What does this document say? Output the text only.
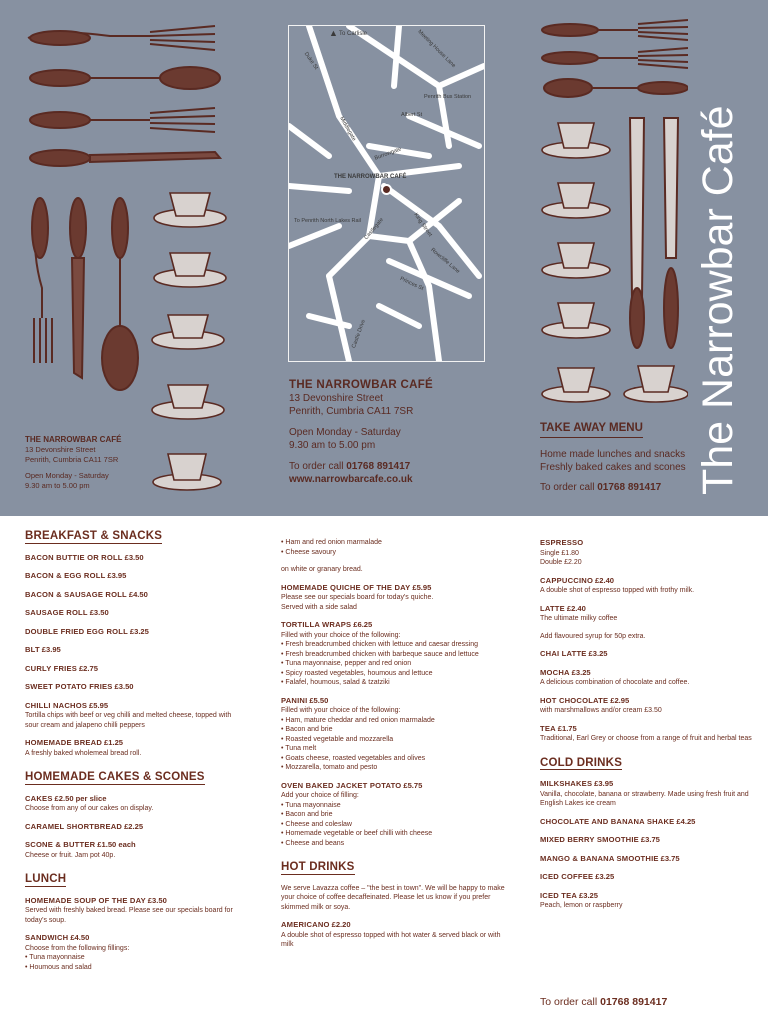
THE NARROWBAR CAFÉ
13 Devonshire Street
Penrith, Cumbria CA11 7SR
Open Monday - Saturday
9.30 am to 5.00 pm
To Carlisle
▲
Duke St	Meeting House Lane
Penrith Bus Station
Albert St
Middlegate
Burrowgate
THE NARROWBAR CAFÉ
To Penrith North Lakes Rail Castlegate	King Street
Rowcliffe Lane
Princes St
Castle Drive
THE NARROWBAR CAFÉ
13 Devonshire Street
Penrith, Cumbria CA11 7SR
Open Monday - Saturday
9.30 am to 5.00 pm
To order call 01768 891417
www.narrowbarcafe.co.uk
TAKE AWAY MENU
Home made lunches and snacks
Freshly baked cakes and scones
To order call 01768 891417 The Narrowbar Café
BREAKFAST & SNACKS
BACON BUTTIE OR ROLL £3.50
BACON & EGG ROLL £3.95
BACON & SAUSAGE ROLL £4.50
SAUSAGE ROLL £3.50
DOUBLE FRIED EGG ROLL £3.25
BLT £3.95
CURLY FRIES £2.75
SWEET POTATO FRIES £3.50
CHILLI NACHOS £5.95
Tortilla chips with beef or veg chilli and melted cheese, topped with sour cream and jalapeno chilli peppers
HOMEMADE BREAD £1.25
A freshly baked wholemeal bread roll.
HOMEMADE CAKES & SCONES
CAKES £2.50 per slice
Choose from any of our cakes on display.
CARAMEL SHORTBREAD £2.25
SCONE & BUTTER £1.50 each
Cheese or fruit. Jam pot 40p.
LUNCH
HOMEMADE SOUP OF THE DAY £3.50
Served with freshly baked bread. Please see our specials board for today's soup.
SANDWICH £4.50
Choose from the following fillings:
• Tuna mayonnaise
• Houmous and salad
• Ham and red onion marmalade
• Cheese savoury
on white or granary bread.
HOMEMADE QUICHE OF THE DAY £5.95
Please see our specials board for today's quiche.
Served with a side salad
TORTILLA WRAPS £6.25
Filled with your choice of the following:
• Fresh breadcrumbed chicken with lettuce and caesar dressing
• Fresh breadcrumbed chicken with barbeque sauce and lettuce
• Tuna mayonnaise, pepper and red onion
• Spicy roasted vegetables, houmous and lettuce
• Falafel, houmous, salad & tzatziki
PANINI £5.50
Filled with your choice of the following:
• Ham, mature cheddar and red onion marmalade
• Bacon and brie
• Roasted vegetable and mozzarella
• Tuna melt
• Goats cheese, roasted vegetables and olives
• Mozzarella, tomato and pesto
OVEN BAKED JACKET POTATO £5.75
Add your choice of filling:
• Tuna mayonnaise
• Bacon and brie
• Cheese and coleslaw
• Homemade vegetable or beef chilli with cheese
• Cheese and beans
HOT DRINKS
We serve Lavazza coffee – "the best in town". We will be happy to make your choice of coffee decaffeinated. Please let us know if you prefer skimmed milk or soya.
AMERICANO £2.20
A double shot of espresso topped with hot water & served black or with milk
ESPRESSO
Single £1.80
Double £2.20
CAPPUCCINO £2.40
A double shot of espresso topped with frothy milk.
LATTE £2.40
The ultimate milky coffee
Add flavoured syrup for 50p extra.
CHAI LATTE £3.25
MOCHA £3.25
A delicious combination of chocolate and coffee.
HOT CHOCOLATE £2.95
with marshmallows and/or cream £3.50
TEA £1.75
Traditional, Earl Grey or choose from a range of fruit and herbal teas
COLD DRINKS
MILKSHAKES £3.95
Vanilla, chocolate, banana or strawberry. Made using fresh fruit and English Lakes ice cream
CHOCOLATE AND BANANA SHAKE £4.25
MIXED BERRY SMOOTHIE £3.75
MANGO & BANANA SMOOTHIE £3.75
ICED COFFEE £3.25
ICED TEA £3.25
Peach, lemon or raspberry
To order call 01768 891417
